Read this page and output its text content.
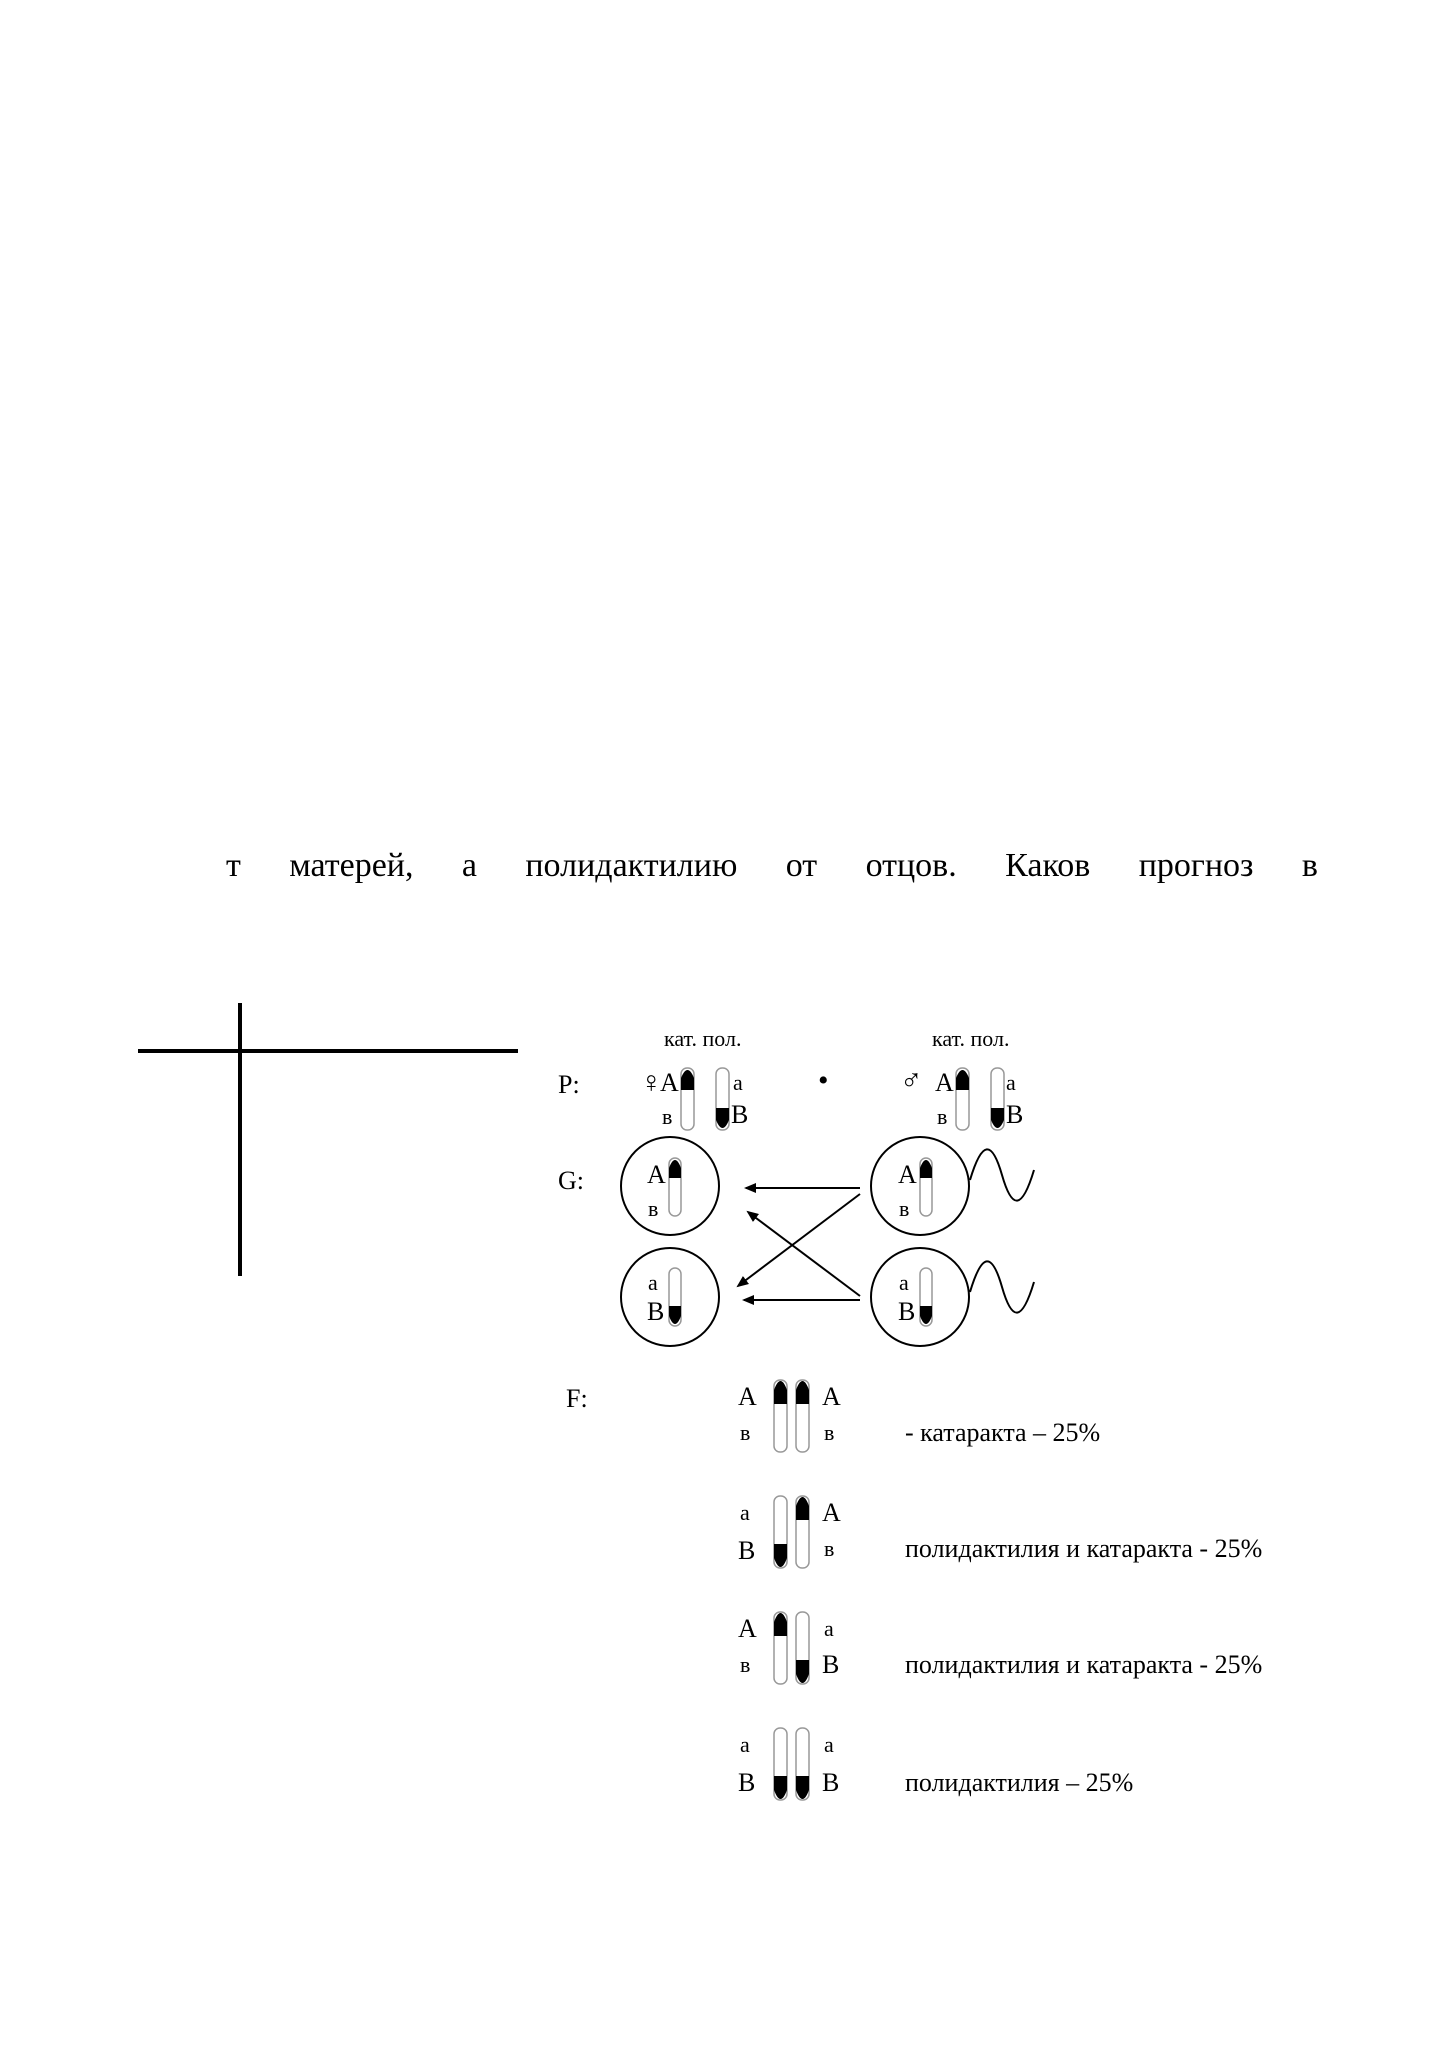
т матерей, а полидактилию от отцов. Каков прогноз в
кат. пол.	кат. пол.
P:
G:
F:
♀	• ♂
A
в
a
B
A
в
a
B
A
в
a
B
A
в
a
B
A
в
A
в	- катаракта – 25%
a
B
A
в	полидактилия и катаракта - 25%
A
в
a
B	полидактилия и катаракта - 25%
a
B
a
B	полидактилия – 25%
